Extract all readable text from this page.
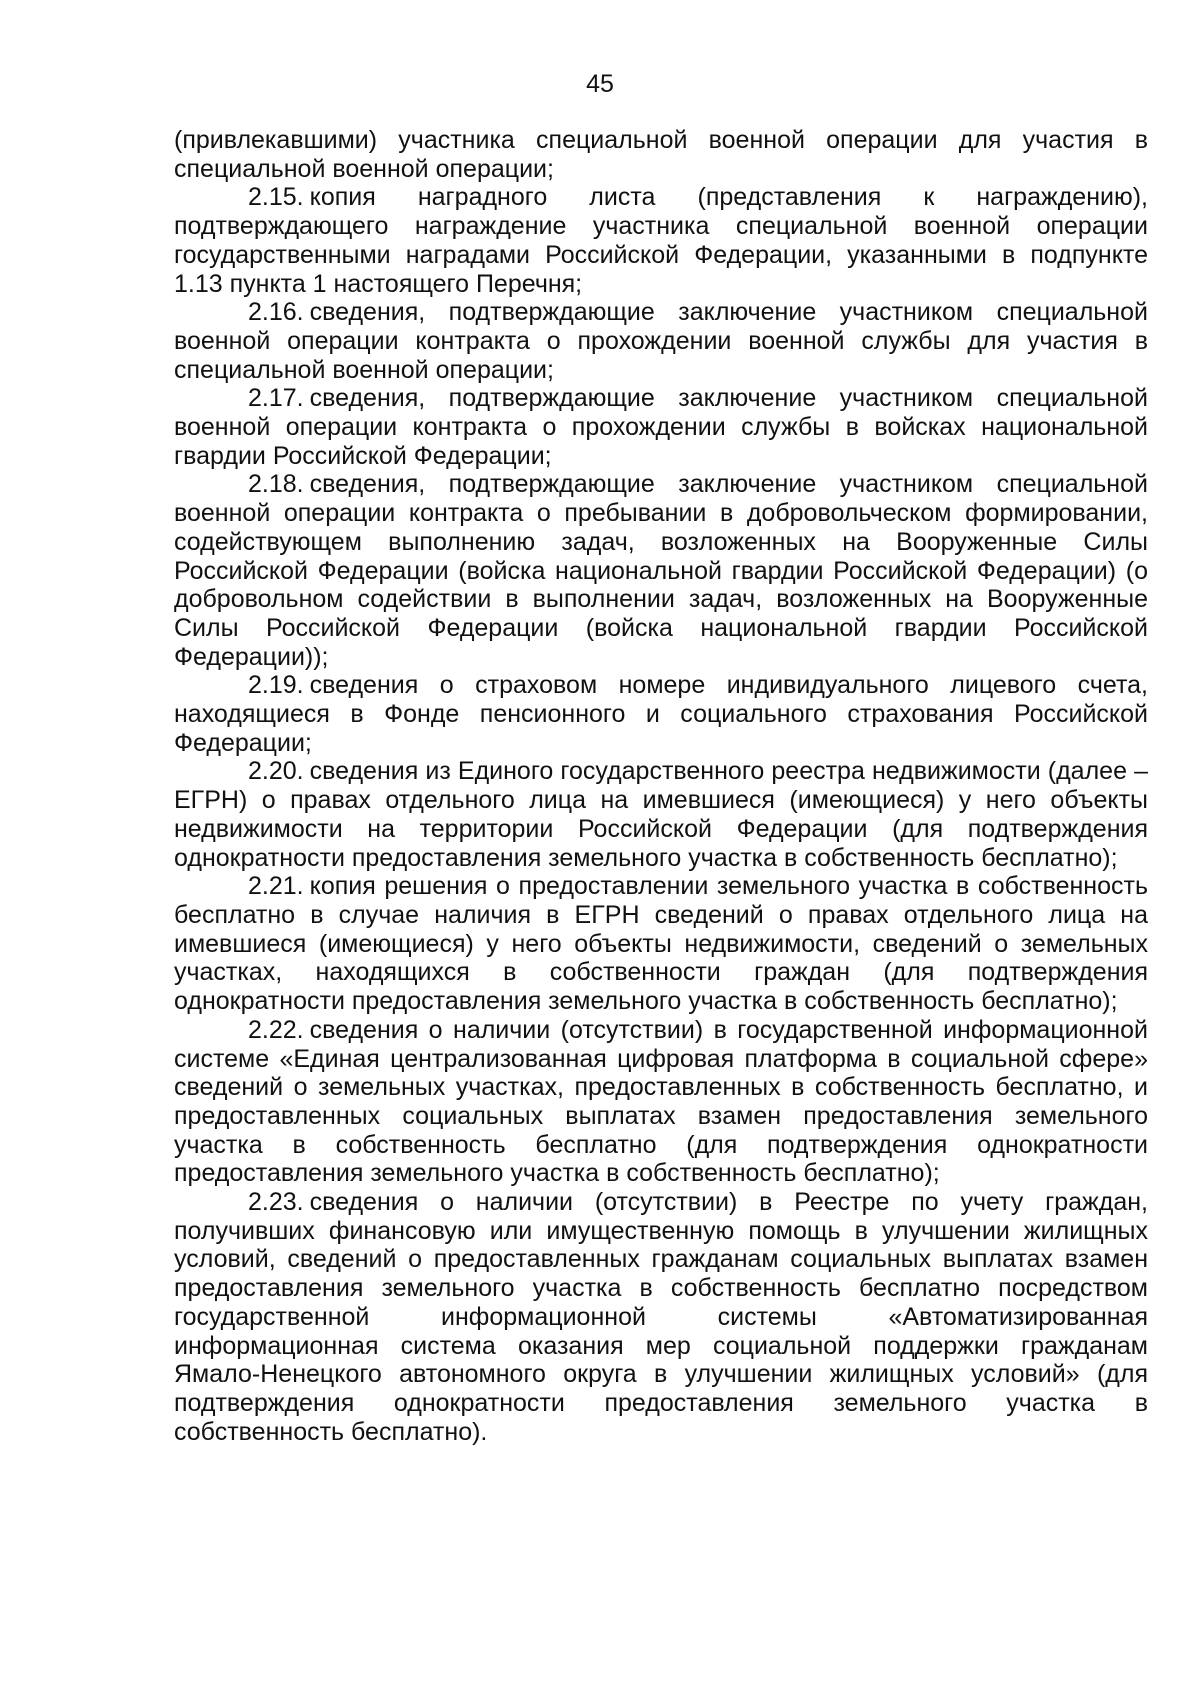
45

(привлекавшими) участника специальной военной операции для участия в специальной военной операции;

2.15. копия наградного листа (представления к награждению), подтверждающего награждение участника специальной военной операции государственными наградами Российской Федерации, указанными в подпункте 1.13 пункта 1 настоящего Перечня;

2.16. сведения, подтверждающие заключение участником специальной военной операции контракта о прохождении военной службы для участия в специальной военной операции;

2.17. сведения, подтверждающие заключение участником специальной военной операции контракта о прохождении службы в войсках национальной гвардии Российской Федерации;

2.18. сведения, подтверждающие заключение участником специальной военной операции контракта о пребывании в добровольческом формировании, содействующем выполнению задач, возложенных на Вооруженные Силы Российской Федерации (войска национальной гвардии Российской Федерации) (о добровольном содействии в выполнении задач, возложенных на Вооруженные Силы Российской Федерации (войска национальной гвардии Российской Федерации));

2.19. сведения о страховом номере индивидуального лицевого счета, находящиеся в Фонде пенсионного и социального страхования Российской Федерации;

2.20. сведения из Единого государственного реестра недвижимости (далее – ЕГРН) о правах отдельного лица на имевшиеся (имеющиеся) у него объекты недвижимости на территории Российской Федерации (для подтверждения однократности предоставления земельного участка в собственность бесплатно);

2.21. копия решения о предоставлении земельного участка в собственность бесплатно в случае наличия в ЕГРН сведений о правах отдельного лица на имевшиеся (имеющиеся) у него объекты недвижимости, сведений о земельных участках, находящихся в собственности граждан (для подтверждения однократности предоставления земельного участка в собственность бесплатно);

2.22. сведения о наличии (отсутствии) в государственной информационной системе «Единая централизованная цифровая платформа в социальной сфере» сведений о земельных участках, предоставленных в собственность бесплатно, и предоставленных социальных выплатах взамен предоставления земельного участка в собственность бесплатно (для подтверждения однократности предоставления земельного участка в собственность бесплатно);

2.23. сведения о наличии (отсутствии) в Реестре по учету граждан, получивших финансовую или имущественную помощь в улучшении жилищных условий, сведений о предоставленных гражданам социальных выплатах взамен предоставления земельного участка в собственность бесплатно посредством государственной информационной системы «Автоматизированная информационная система оказания мер социальной поддержки гражданам Ямало-Ненецкого автономного округа в улучшении жилищных условий» (для подтверждения однократности предоставления земельного участка в собственность бесплатно).
